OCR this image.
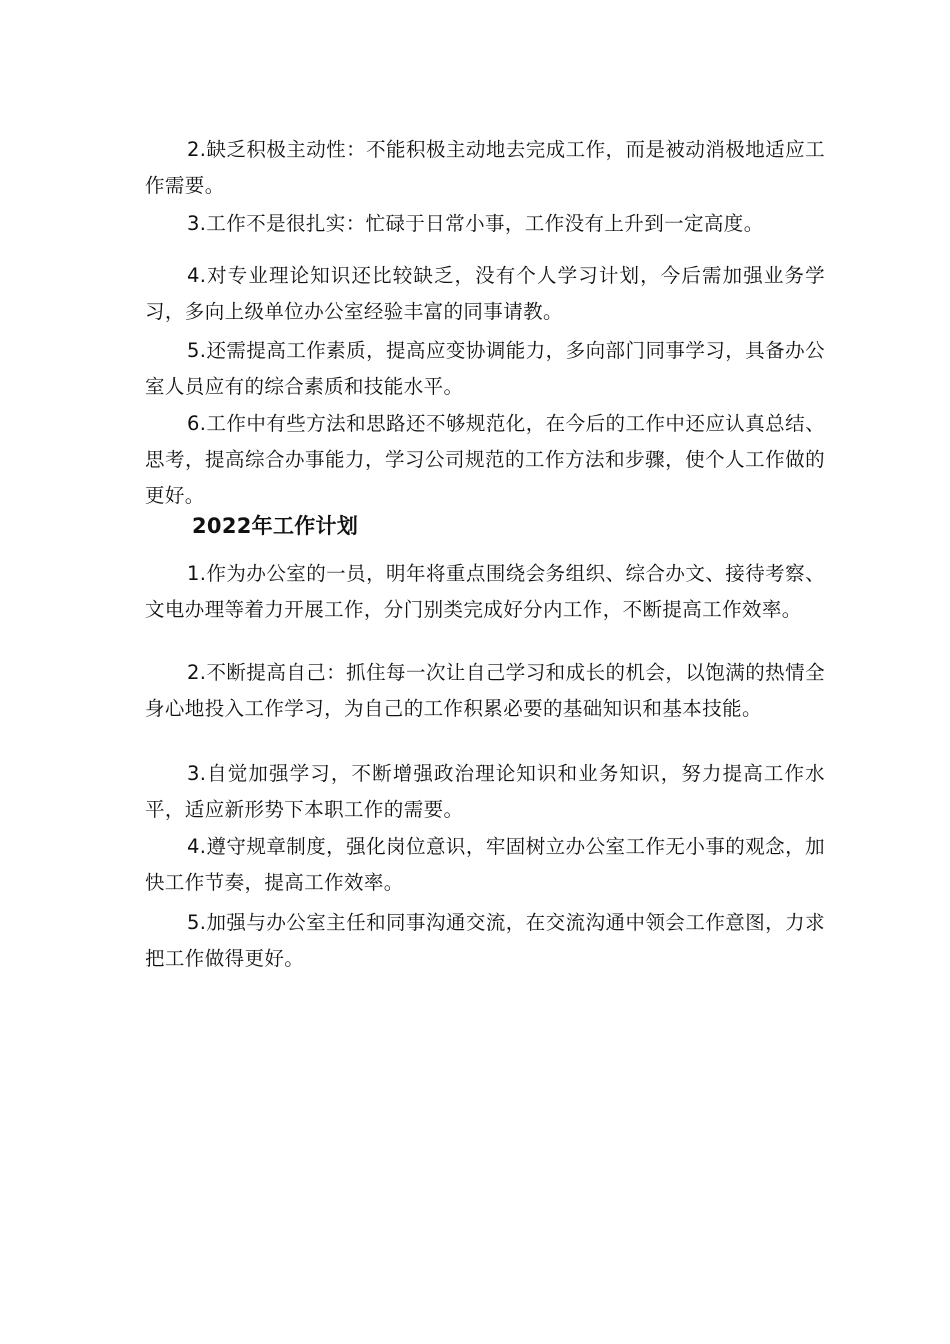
2.缺乏积极主动性：不能积极主动地去完成工作，而是被动消极地适应工作需要。

3.工作不是很扎实：忙碌于日常小事，工作没有上升到一定高度。

4.对专业理论知识还比较缺乏，没有个人学习计划，今后需加强业务学习，多向上级单位办公室经验丰富的同事请教。

5.还需提高工作素质，提高应变协调能力，多向部门同事学习，具备办公室人员应有的综合素质和技能水平。

6.工作中有些方法和思路还不够规范化，在今后的工作中还应认真总结、思考，提高综合办事能力，学习公司规范的工作方法和步骤，使个人工作做的更好。

2022年工作计划

1.作为办公室的一员，明年将重点围绕会务组织、综合办文、接待考察、文电办理等着力开展工作，分门别类完成好分内工作，不断提高工作效率。

2.不断提高自己：抓住每一次让自己学习和成长的机会，以饱满的热情全身心地投入工作学习，为自己的工作积累必要的基础知识和基本技能。

3.自觉加强学习，不断增强政治理论知识和业务知识，努力提高工作水平，适应新形势下本职工作的需要。

4.遵守规章制度，强化岗位意识，牢固树立办公室工作无小事的观念，加快工作节奏，提高工作效率。

5.加强与办公室主任和同事沟通交流，在交流沟通中领会工作意图，力求把工作做得更好。
